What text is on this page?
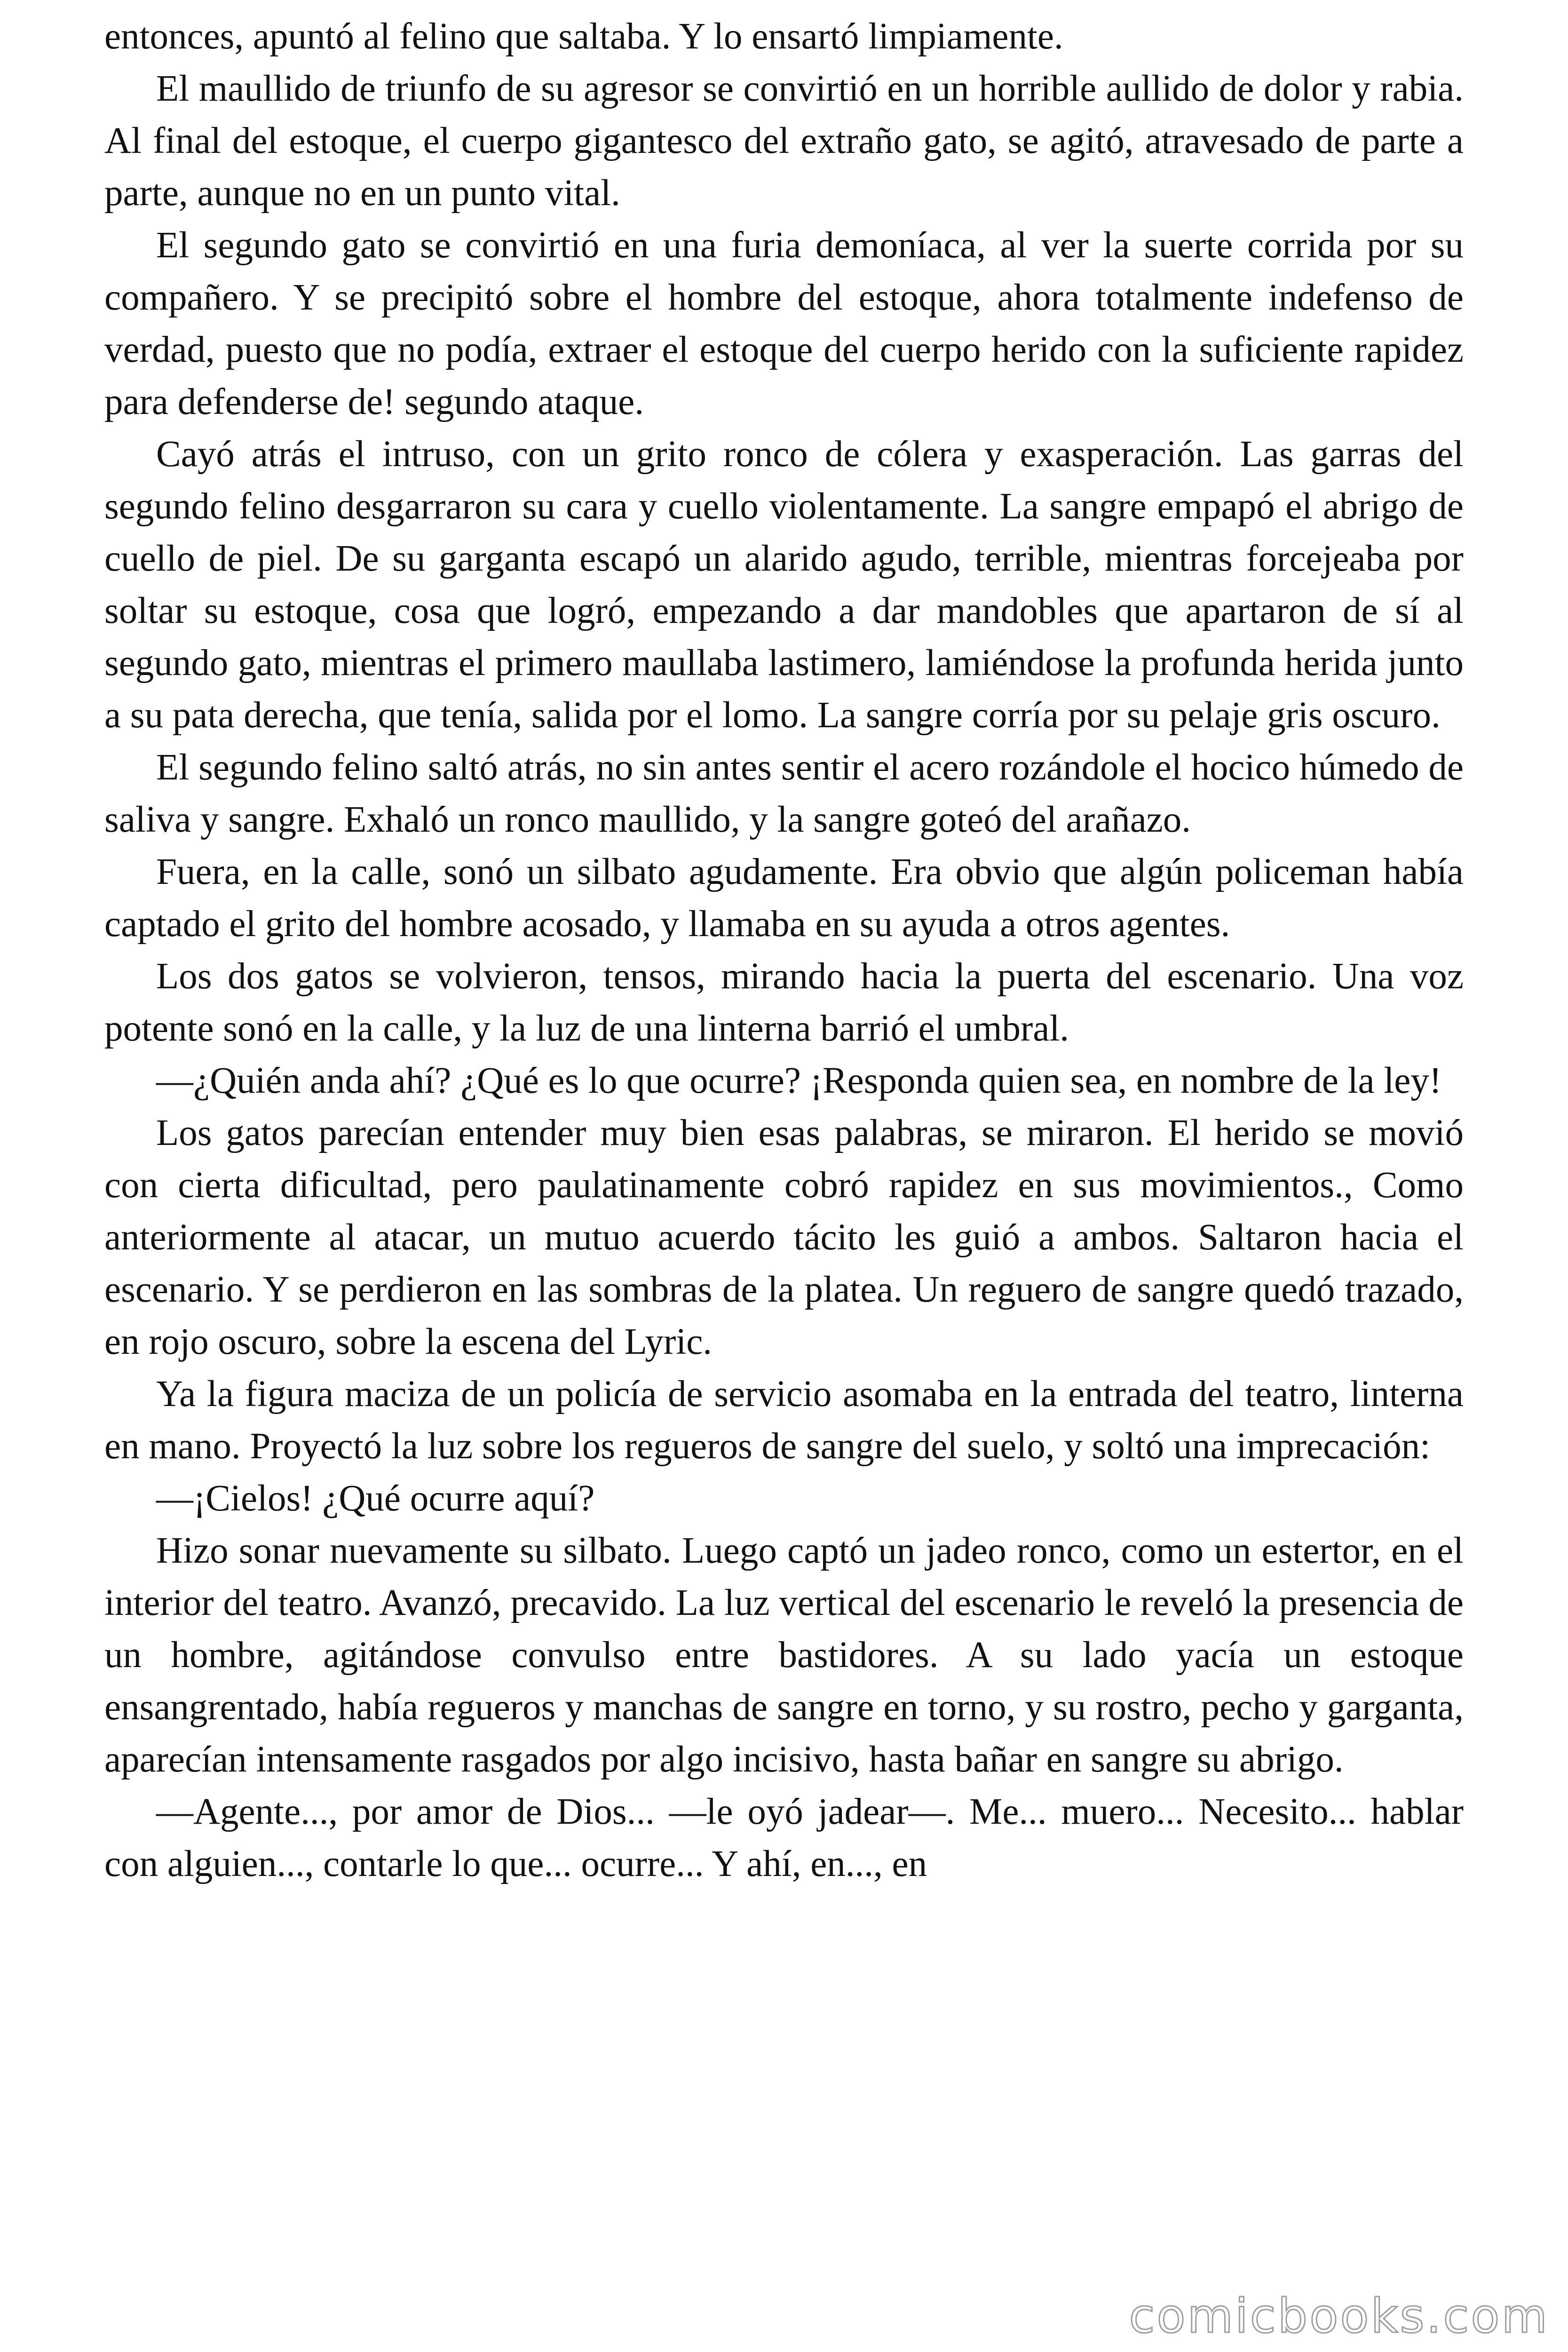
entonces, apuntó al felino que saltaba. Y lo ensartó limpiamente.

El maullido de triunfo de su agresor se convirtió en un horrible aullido de dolor y rabia. Al final del estoque, el cuerpo gigantesco del extraño gato, se agitó, atravesado de parte a parte, aunque no en un punto vital.

El segundo gato se convirtió en una furia demoníaca, al ver la suerte corrida por su compañero. Y se precipitó sobre el hombre del estoque, ahora totalmente indefenso de verdad, puesto que no podía, extraer el estoque del cuerpo herido con la suficiente rapidez para defenderse de! segundo ataque.

Cayó atrás el intruso, con un grito ronco de cólera y exasperación. Las garras del segundo felino desgarraron su cara y cuello violentamente. La sangre empapó el abrigo de cuello de piel. De su garganta escapó un alarido agudo, terrible, mientras forcejeaba por soltar su estoque, cosa que logró, empezando a dar mandobles que apartaron de sí al segundo gato, mientras el primero maullaba lastimero, lamiéndose la profunda herida junto a su pata derecha, que tenía, salida por el lomo. La sangre corría por su pelaje gris oscuro.

El segundo felino saltó atrás, no sin antes sentir el acero rozándole el hocico húmedo de saliva y sangre. Exhaló un ronco maullido, y la sangre goteó del arañazo.

Fuera, en la calle, sonó un silbato agudamente. Era obvio que algún policeman había captado el grito del hombre acosado, y llamaba en su ayuda a otros agentes.

Los dos gatos se volvieron, tensos, mirando hacia la puerta del escenario. Una voz potente sonó en la calle, y la luz de una linterna barrió el umbral.

—¿Quién anda ahí? ¿Qué es lo que ocurre? ¡Responda quien sea, en nombre de la ley!

Los gatos parecían entender muy bien esas palabras, se miraron. El herido se movió con cierta dificultad, pero paulatinamente cobró rapidez en sus movimientos., Como anteriormente al atacar, un mutuo acuerdo tácito les guió a ambos. Saltaron hacia el escenario. Y se perdieron en las sombras de la platea. Un reguero de sangre quedó trazado, en rojo oscuro, sobre la escena del Lyric.

Ya la figura maciza de un policía de servicio asomaba en la entrada del teatro, linterna en mano. Proyectó la luz sobre los regueros de sangre del suelo, y soltó una imprecación:

—¡Cielos! ¿Qué ocurre aquí?

Hizo sonar nuevamente su silbato. Luego captó un jadeo ronco, como un estertor, en el interior del teatro. Avanzó, precavido. La luz vertical del escenario le reveló la presencia de un hombre, agitándose convulso entre bastidores. A su lado yacía un estoque ensangrentado, había regueros y manchas de sangre en torno, y su rostro, pecho y garganta, aparecían intensamente rasgados por algo incisivo, hasta bañar en sangre su abrigo.

—Agente..., por amor de Dios... —le oyó jadear—. Me... muero... Necesito... hablar con alguien..., contarle lo que... ocurre... Y ahí, en..., en

comicbooks.com
